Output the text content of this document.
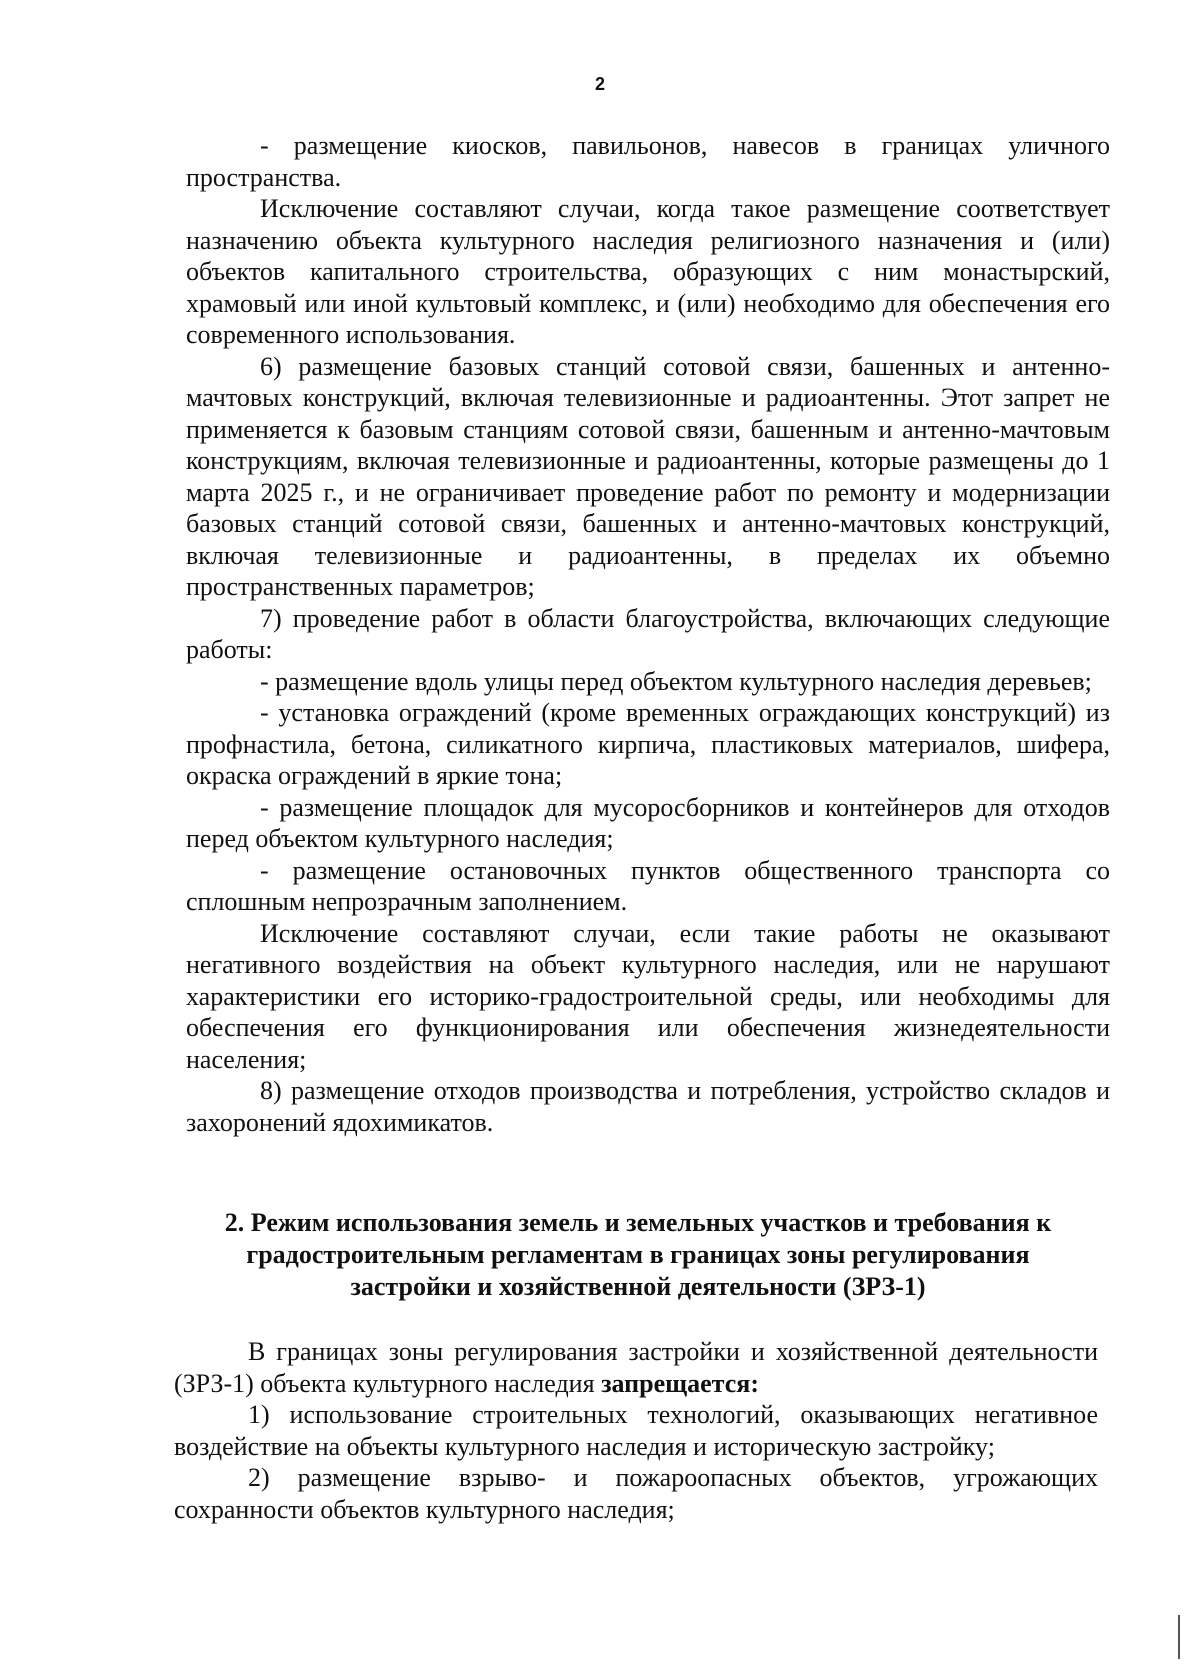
2

- размещение киосков, павильонов, навесов в границах уличного пространства.

Исключение составляют случаи, когда такое размещение соответствует назначению объекта культурного наследия религиозного назначения и (или) объектов капитального строительства, образующих с ним монастырский, храмовый или иной культовый комплекс, и (или) необходимо для обеспечения его современного использования.

6) размещение базовых станций сотовой связи, башенных и антенно-мачтовых конструкций, включая телевизионные и радиоантенны. Этот запрет не применяется к базовым станциям сотовой связи, башенным и антенно-мачтовым конструкциям, включая телевизионные и радиоантенны, которые размещены до 1 марта 2025 г., и не ограничивает проведение работ по ремонту и модернизации базовых станций сотовой связи, башенных и антенно-мачтовых конструкций, включая телевизионные и радиоантенны, в пределах их объемно пространственных параметров;

7) проведение работ в области благоустройства, включающих следующие работы:

- размещение вдоль улицы перед объектом культурного наследия деревьев;

- установка ограждений (кроме временных ограждающих конструкций) из профнастила, бетона, силикатного кирпича, пластиковых материалов, шифера, окраска ограждений в яркие тона;

- размещение площадок для мусоросборников и контейнеров для отходов перед объектом культурного наследия;

- размещение остановочных пунктов общественного транспорта со сплошным непрозрачным заполнением.

Исключение составляют случаи, если такие работы не оказывают негативного воздействия на объект культурного наследия, или не нарушают характеристики его историко-градостроительной среды, или необходимы для обеспечения его функционирования или обеспечения жизнедеятельности населения;

8) размещение отходов производства и потребления, устройство складов и захоронений ядохимикатов.

2. Режим использования земель и земельных участков и требования к
градостроительным регламентам в границах зоны регулирования
застройки и хозяйственной деятельности (ЗРЗ-1)

В границах зоны регулирования застройки и хозяйственной деятельности (ЗРЗ-1) объекта культурного наследия запрещается:

1) использование строительных технологий, оказывающих негативное воздействие на объекты культурного наследия и историческую застройку;

2) размещение взрыво- и пожароопасных объектов, угрожающих сохранности объектов культурного наследия;
